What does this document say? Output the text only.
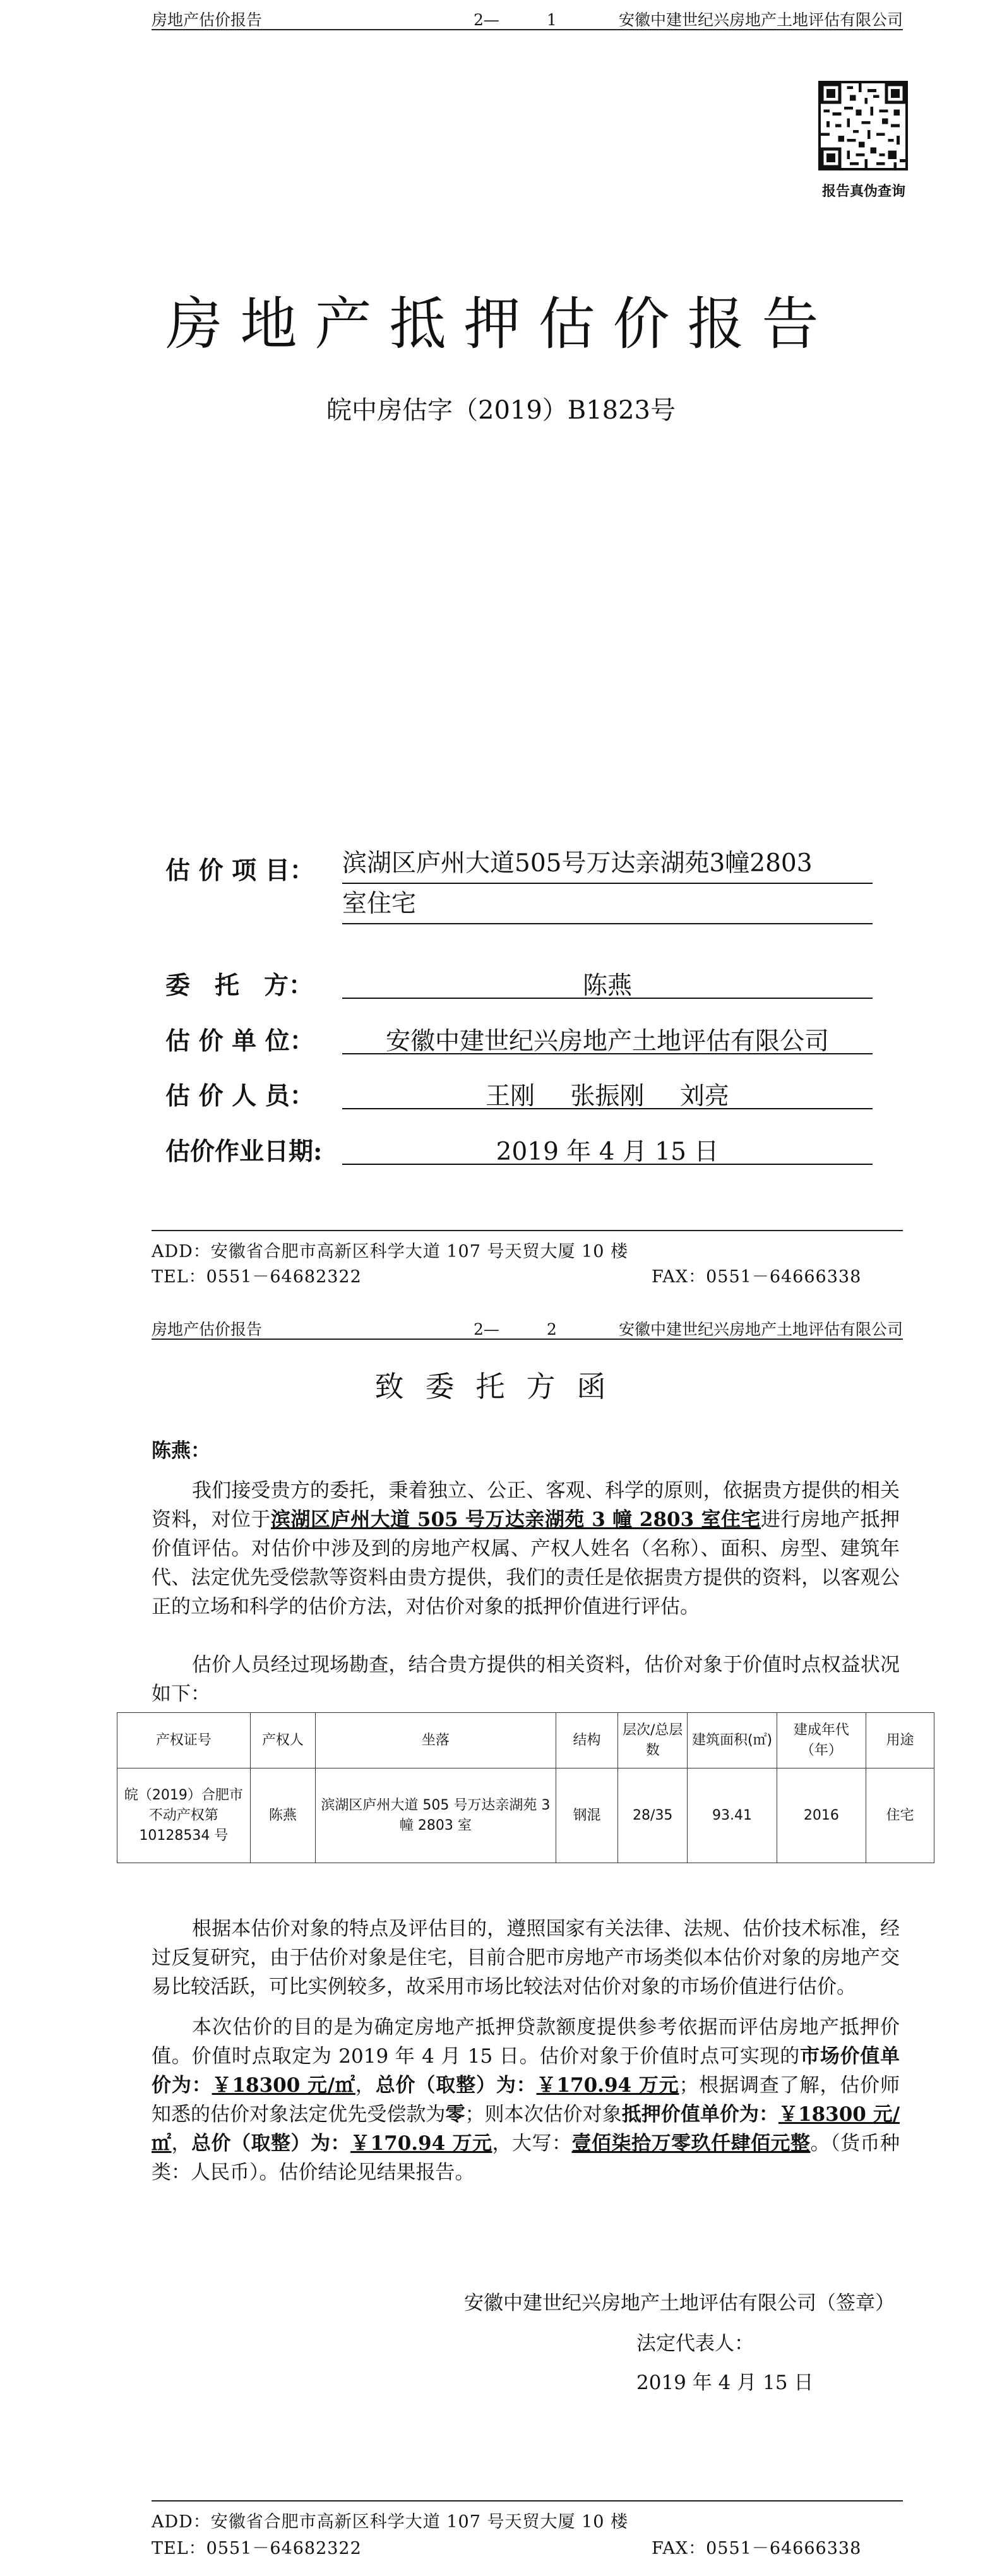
房地产估价报告	2—　　　1	安徽中建世纪兴房地产土地评估有限公司
报告真伪查询
房地产抵押估价报告
皖中房估字（2019）B1823号
估 价 项 目： 滨湖区庐州大道505号万达亲湖苑3幢2803
室住宅
委　托　方：	陈燕
估 价 单 位：	安徽中建世纪兴房地产土地评估有限公司
估 价 人 员：	王刚 张振刚 刘亮
估价作业日期:	2019 年 4 月 15 日
ADD：安徽省合肥市高新区科学大道 107 号天贸大厦 10 楼
TEL：0551－64682322	FAX：0551－64666338
房地产估价报告	2—　　　2	安徽中建世纪兴房地产土地评估有限公司
致委托方函
陈燕：

我们接受贵方的委托，秉着独立、公正、客观、科学的原则，依据贵方提供的相关资料，对位于滨湖区庐州大道 505 号万达亲湖苑 3 幢 2803 室住宅进行房地产抵押价值评估。对估价中涉及到的房地产权属、产权人姓名（名称）、面积、房型、建筑年代、法定优先受偿款等资料由贵方提供，我们的责任是依据贵方提供的资料，以客观公正的立场和科学的估价方法，对估价对象的抵押价值进行评估。

估价人员经过现场勘查，结合贵方提供的相关资料，估价对象于价值时点权益状况如下：

产权证号	产权人	坐落	结构	层次/总层数	建筑面积(㎡)	建成年代（年）	用途
皖（2019）合肥市不动产权第 10128534 号	陈燕	滨湖区庐州大道 505 号万达亲湖苑 3 幢 2803 室	钢混	28/35	93.41	2016	住宅

根据本估价对象的特点及评估目的，遵照国家有关法律、法规、估价技术标准，经过反复研究，由于估价对象是住宅，目前合肥市房地产市场类似本估价对象的房地产交易比较活跃，可比实例较多，故采用市场比较法对估价对象的市场价值进行估价。

本次估价的目的是为确定房地产抵押贷款额度提供参考依据而评估房地产抵押价值。价值时点取定为 2019 年 4 月 15 日。估价对象于价值时点可实现的市场价值单价为：￥18300 元/㎡，总价（取整）为：￥170.94 万元；根据调查了解，估价师知悉的估价对象法定优先受偿款为零；则本次估价对象抵押价值单价为：￥18300 元/㎡，总价（取整）为：￥170.94 万元，大写：壹佰柒拾万零玖仟肆佰元整。（货币种类：人民币）。估价结论见结果报告。

安徽中建世纪兴房地产土地评估有限公司（签章）
法定代表人：
2019 年 4 月 15 日
ADD：安徽省合肥市高新区科学大道 107 号天贸大厦 10 楼
TEL：0551－64682322	FAX：0551－64666338
